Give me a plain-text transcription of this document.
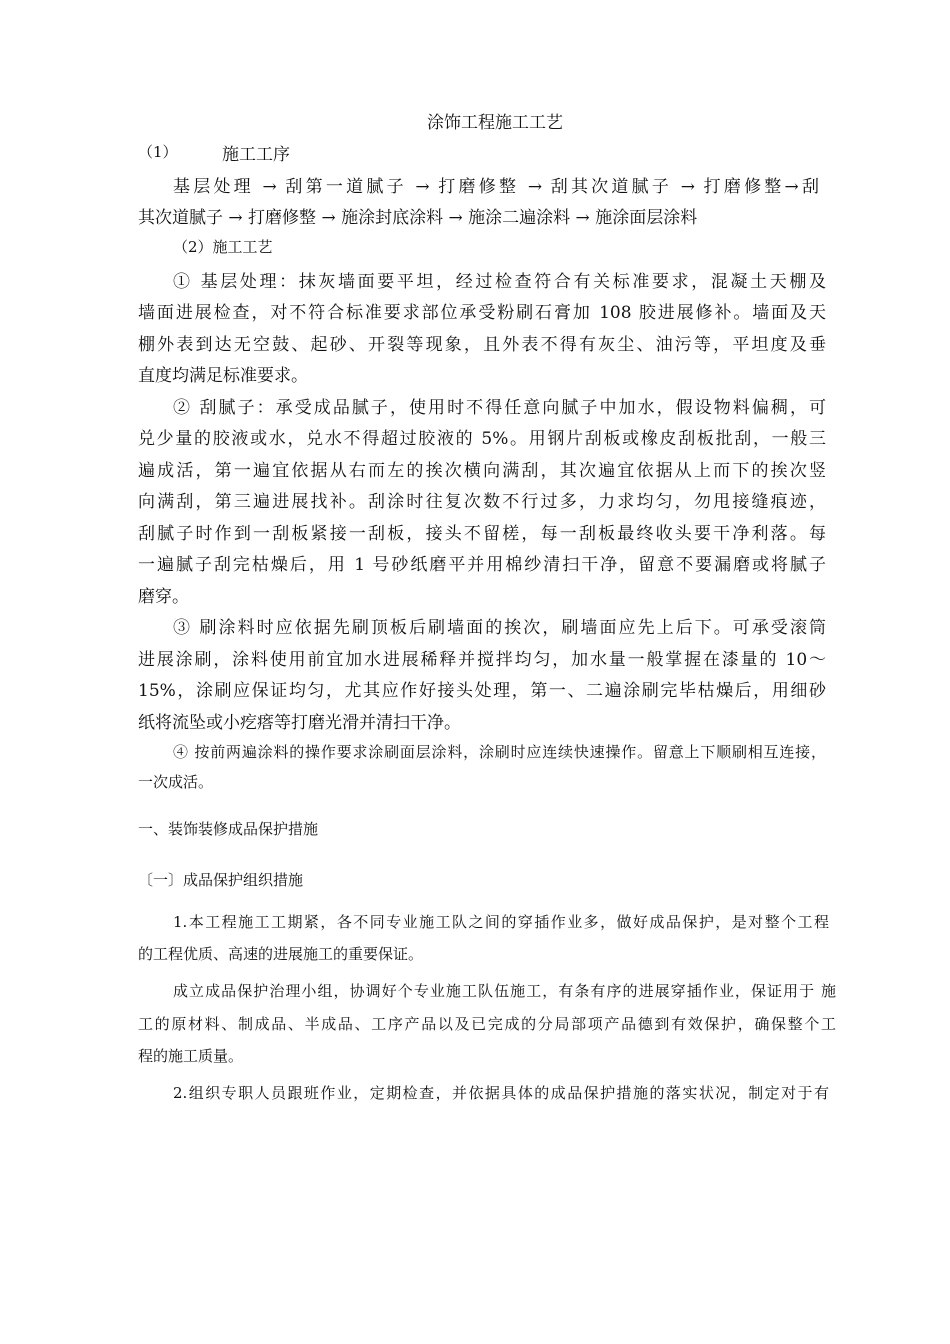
涂饰工程施工工艺
（1）	施工工序
基层处理 → 刮第一道腻子 → 打磨修整 → 刮其次道腻子 → 打磨修整→刮
其次道腻子 → 打磨修整 → 施涂封底涂料 → 施涂二遍涂料 → 施涂面层涂料
（2）施工工艺
① 基层处理：抹灰墙面要平坦，经过检查符合有关标准要求，混凝土天棚及
墙面进展检查，对不符合标准要求部位承受粉刷石膏加 108 胶进展修补。墙面及天
棚外表到达无空鼓、起砂、开裂等现象，且外表不得有灰尘、油污等，平坦度及垂
直度均满足标准要求。
② 刮腻子：承受成品腻子，使用时不得任意向腻子中加水，假设物料偏稠，可
兑少量的胶液或水，兑水不得超过胶液的 5%。用钢片刮板或橡皮刮板批刮，一般三
遍成活，第一遍宜依据从右而左的挨次横向满刮，其次遍宜依据从上而下的挨次竖
向满刮，第三遍进展找补。刮涂时往复次数不行过多，力求均匀，勿甩接缝痕迹，
刮腻子时作到一刮板紧接一刮板，接头不留槎，每一刮板最终收头要干净利落。每
一遍腻子刮完枯燥后，用 1 号砂纸磨平并用棉纱清扫干净，留意不要漏磨或将腻子
磨穿。
③ 刷涂料时应依据先刷顶板后刷墙面的挨次，刷墙面应先上后下。可承受滚筒
进展涂刷，涂料使用前宜加水进展稀释并搅拌均匀，加水量一般掌握在漆量的 10～
15%，涂刷应保证均匀，尤其应作好接头处理，第一、二遍涂刷完毕枯燥后，用细砂
纸将流坠或小疙瘩等打磨光滑并清扫干净。
④ 按前两遍涂料的操作要求涂刷面层涂料，涂刷时应连续快速操作。留意上下顺刷相互连接，
一次成活。
一、装饰装修成品保护措施
〔一〕成品保护组织措施
1.本工程施工工期紧，各不同专业施工队之间的穿插作业多，做好成品保护，是对整个工程
的工程优质、高速的进展施工的重要保证。
成立成品保护治理小组，协调好个专业施工队伍施工，有条有序的进展穿插作业，保证用于 施
工的原材料、制成品、半成品、工序产品以及已完成的分局部项产品德到有效保护，确保整个工
程的施工质量。
2.组织专职人员跟班作业，定期检查，并依据具体的成品保护措施的落实状况，制定对于有
